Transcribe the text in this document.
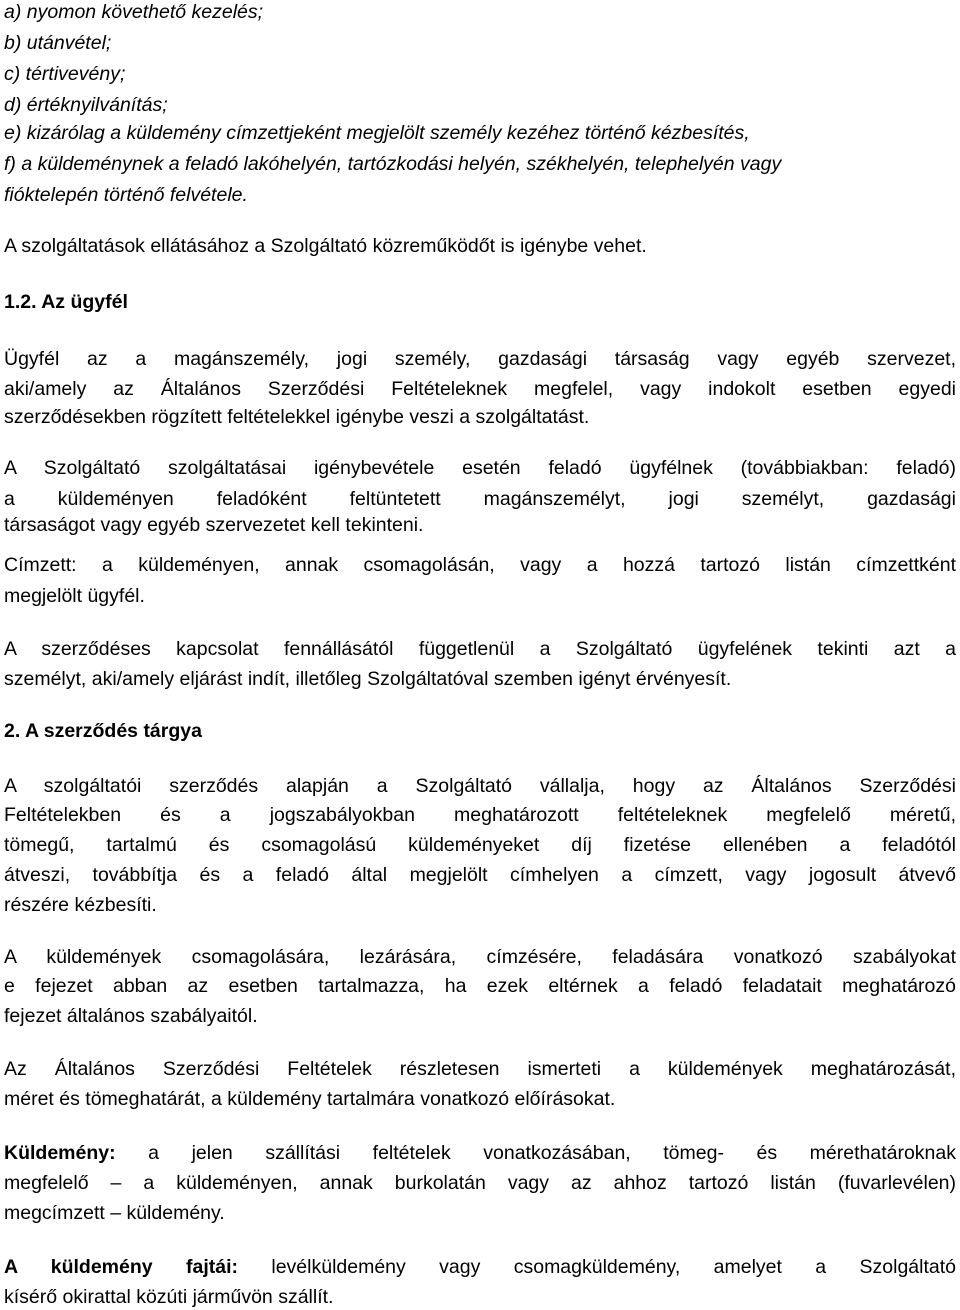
a) nyomon követhető kezelés;
b) utánvétel;
c) tértivevény;
d) értéknyilvánítás;
e) kizárólag a küldemény címzettjeként megjelölt személy kezéhez történő kézbesítés,
f) a küldeménynek a feladó lakóhelyén, tartózkodási helyén, székhelyén, telephelyén vagy
fióktelepén történő felvétele.
A szolgáltatások ellátásához a Szolgáltató közreműködőt is igénybe vehet.
1.2. Az ügyfél
Ügyfél az a magánszemély, jogi személy, gazdasági társaság vagy egyéb szervezet,
aki/amely az Általános Szerződési Feltételeknek megfelel, vagy indokolt esetben egyedi
szerződésekben rögzített feltételekkel igénybe veszi a szolgáltatást.
A Szolgáltató szolgáltatásai igénybevétele esetén feladó ügyfélnek (továbbiakban: feladó)
a küldeményen feladóként feltüntetett magánszemélyt, jogi személyt, gazdasági
társaságot vagy egyéb szervezetet kell tekinteni.
Címzett: a küldeményen, annak csomagolásán, vagy a hozzá tartozó listán címzettként
megjelölt ügyfél.
A szerződéses kapcsolat fennállásától függetlenül a Szolgáltató ügyfelének tekinti azt a
személyt, aki/amely eljárást indít, illetőleg Szolgáltatóval szemben igényt érvényesít.
2. A szerződés tárgya
A szolgáltatói szerződés alapján a Szolgáltató vállalja, hogy az Általános Szerződési
Feltételekben és a jogszabályokban meghatározott feltételeknek megfelelő méretű,
tömegű, tartalmú és csomagolású küldeményeket díj fizetése ellenében a feladótól
átveszi, továbbítja és a feladó által megjelölt címhelyen a címzett, vagy jogosult átvevő
részére kézbesíti.
A küldemények csomagolására, lezárására, címzésére, feladására vonatkozó szabályokat
e fejezet abban az esetben tartalmazza, ha ezek eltérnek a feladó feladatait meghatározó
fejezet általános szabályaitól.
Az Általános Szerződési Feltételek részletesen ismerteti a küldemények meghatározását,
méret és tömeghatárát, a küldemény tartalmára vonatkozó előírásokat.
Küldemény: a jelen szállítási feltételek vonatkozásában, tömeg- és mérethatároknak
megfelelő – a küldeményen, annak burkolatán vagy az ahhoz tartozó listán (fuvarlevélen)
megcímzett – küldemény.
A küldemény fajtái: levélküldemény vagy csomagküldemény, amelyet a Szolgáltató
kísérő okirattal közúti járművön szállít.
